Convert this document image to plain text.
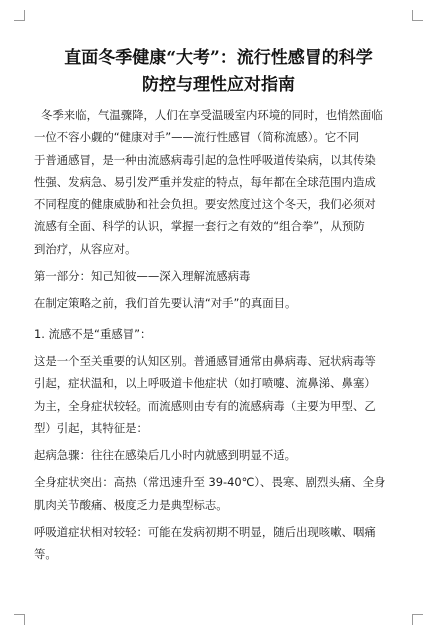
直面冬季健康“大考”：流行性感冒的科学
防控与理性应对指南

冬季来临，气温骤降，人们在享受温暖室内环境的同时，也悄然面临
一位不容小觑的“健康对手”——流行性感冒（简称流感）。它不同
于普通感冒，是一种由流感病毒引起的急性呼吸道传染病，以其传染
性强、发病急、易引发严重并发症的特点，每年都在全球范围内造成
不同程度的健康威胁和社会负担。要安然度过这个冬天，我们必须对
流感有全面、科学的认识，掌握一套行之有效的“组合拳”，从预防
到治疗，从容应对。

第一部分：知己知彼——深入理解流感病毒

在制定策略之前，我们首先要认清“对手”的真面目。

1. 流感不是“重感冒”：

这是一个至关重要的认知区别。普通感冒通常由鼻病毒、冠状病毒等
引起，症状温和，以上呼吸道卡他症状（如打喷嚏、流鼻涕、鼻塞）
为主，全身症状较轻。而流感则由专有的流感病毒（主要为甲型、乙
型）引起，其特征是：

起病急骤：往往在感染后几小时内就感到明显不适。

全身症状突出：高热（常迅速升至 39-40℃）、畏寒、剧烈头痛、全身
肌肉关节酸痛、极度乏力是典型标志。

呼吸道症状相对较轻：可能在发病初期不明显，随后出现咳嗽、咽痛
等。
